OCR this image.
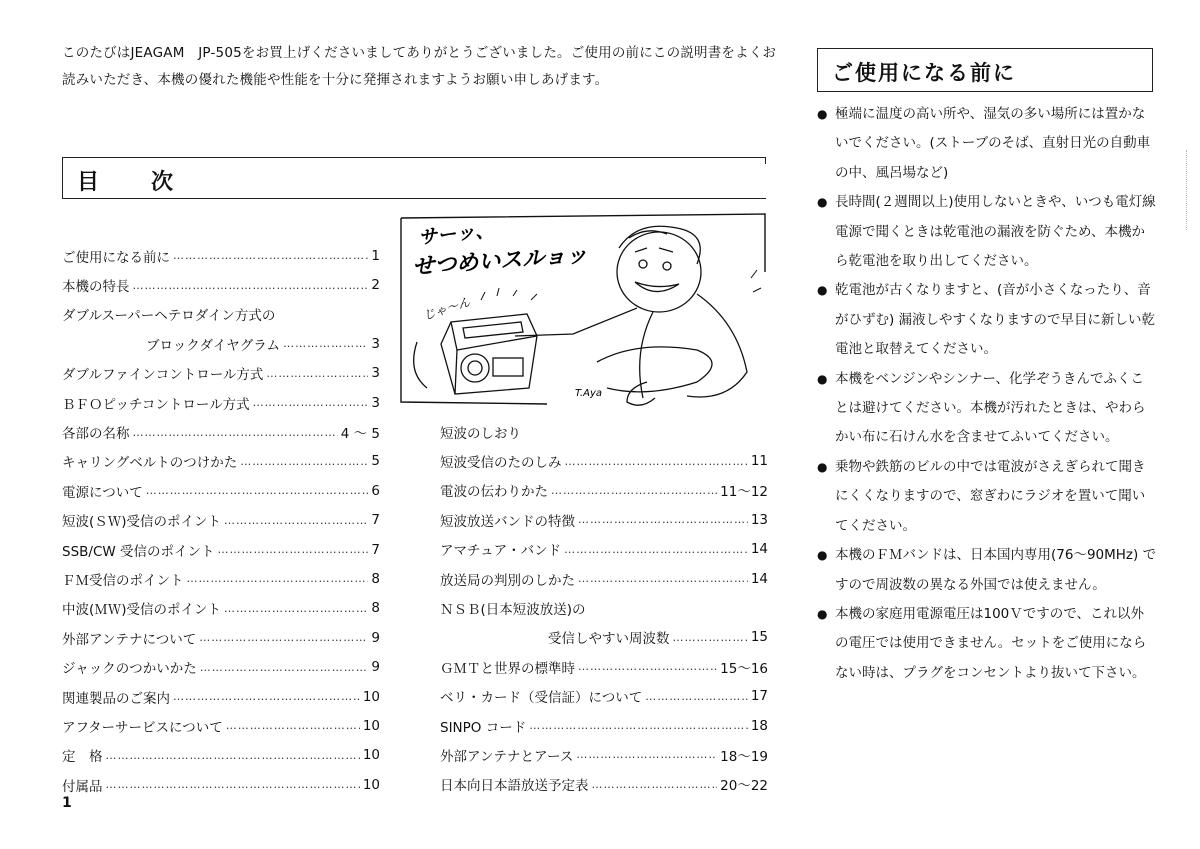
このたびはJEAGAM　JP-505をお買上げくださいましてありがとうございました。ご使用の前にこの説明書をよくお読みいただき、本機の優れた機能や性能を十分に発揮されますようお願い申しあげます。
目次
ご使用になる前に ……………………………………………………………………………………………………	1
本機の特長 ……………………………………………………………………………………………………	2
ダブルスーパーヘテロダイン方式の
ブロックダイヤグラム ……………………………………………………………………………………………………	3
ダブルファインコントロール方式 ……………………………………………………………………………………………………	3
ＢＦＯピッチコントロール方式 ……………………………………………………………………………………………………	3
各部の名称 ……………………………………………………………………………………………………	4 ～ 5
キャリングベルトのつけかた ……………………………………………………………………………………………………	5
電源について ……………………………………………………………………………………………………	6
短波(ＳＷ)受信のポイント ……………………………………………………………………………………………………	7
SSB/CW 受信のポイント ……………………………………………………………………………………………………	7
ＦＭ受信のポイント ……………………………………………………………………………………………………	8
中波(ＭＷ)受信のポイント ……………………………………………………………………………………………………	8
外部アンテナについて ……………………………………………………………………………………………………	9
ジャックのつかいかた ……………………………………………………………………………………………………	9
関連製品のご案内 ……………………………………………………………………………………………………	10
アフターサービスについて ……………………………………………………………………………………………………	10
定　格 ……………………………………………………………………………………………………	10
付属品 ……………………………………………………………………………………………………	10
短波のしおり
短波受信のたのしみ ……………………………………………………………………………………………………	11
電波の伝わりかた ……………………………………………………………………………………………………	11～12
短波放送バンドの特徴 ……………………………………………………………………………………………………	13
アマチュア・バンド ……………………………………………………………………………………………………	14
放送局の判別のしかた ……………………………………………………………………………………………………	14
ＮＳＢ(日本短波放送)の
受信しやすい周波数 ……………………………………………………………………………………………………	15
ＧＭＴと世界の標準時 ……………………………………………………………………………………………………	15～16
ベリ・カード（受信証）について ……………………………………………………………………………………………………	17
SINPO コード ……………………………………………………………………………………………………	18
外部アンテナとアース ……………………………………………………………………………………………………	18～19
日本向日本語放送予定表 ……………………………………………………………………………………………………	20～22
サーッ、
せつめいスルョッ
じゃ〜ん
T.Aya
1
ご使用になる前に
● 極端に温度の高い所や、湿気の多い場所には置かないでください。(ストーブのそば、直射日光の自動車の中、風呂場など)
● 長時間(２週間以上)使用しないときや、いつも電灯線電源で聞くときは乾電池の漏液を防ぐため、本機から乾電池を取り出してください。
● 乾電池が古くなりますと、(音が小さくなったり、音がひずむ) 漏液しやすくなりますので早目に新しい乾電池と取替えてください。
● 本機をベンジンやシンナー、化学ぞうきんでふくことは避けてください。本機が汚れたときは、やわらかい布に石けん水を含ませてふいてください。
● 乗物や鉄筋のビルの中では電波がさえぎられて聞きにくくなりますので、窓ぎわにラジオを置いて聞いてください。
● 本機のＦＭバンドは、日本国内専用(76～90MHz) ですので周波数の異なる外国では使えません。
● 本機の家庭用電源電圧は100Ｖですので、これ以外の電圧では使用できません。セットをご使用にならない時は、プラグをコンセントより抜いて下さい。
